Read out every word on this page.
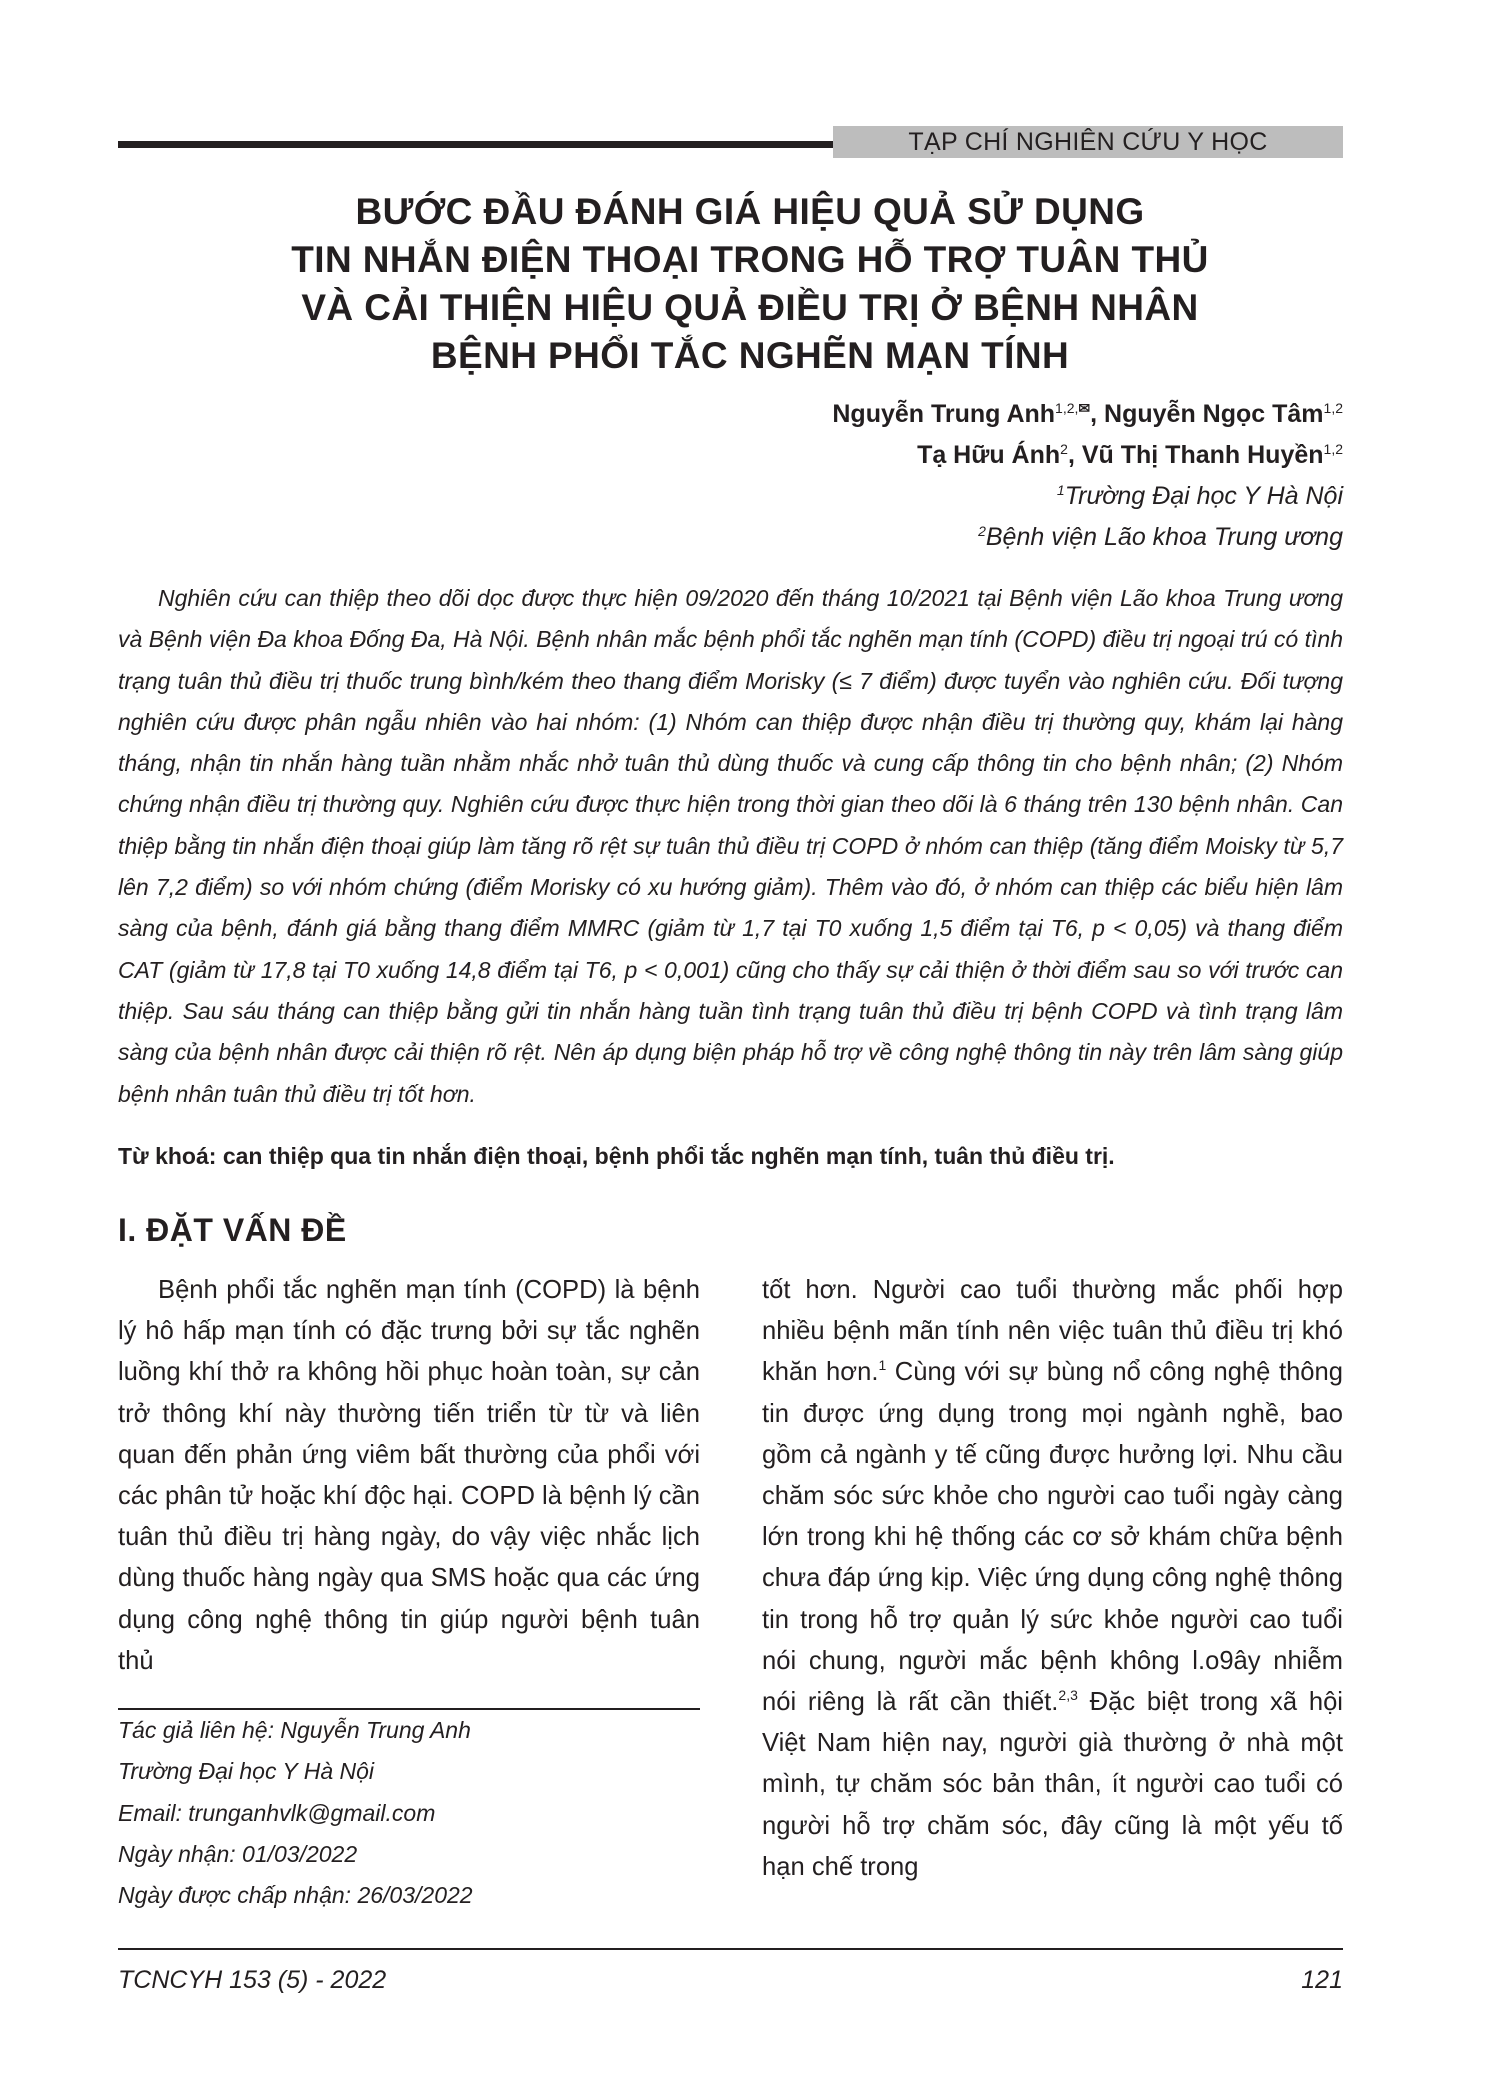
TẠP CHÍ NGHIÊN CỨU Y HỌC
BƯỚC ĐẦU ĐÁNH GIÁ HIỆU QUẢ SỬ DỤNG
TIN NHẮN ĐIỆN THOẠI TRONG HỖ TRỢ TUÂN THỦ
VÀ CẢI THIỆN HIỆU QUẢ ĐIỀU TRỊ Ở BỆNH NHÂN
BỆNH PHỔI TẮC NGHẼN MẠN TÍNH
Nguyễn Trung Anh$^{1,2,✉}$, Nguyễn Ngọc Tâm$^{1,2}$
Tạ Hữu Ánh$^2$, Vũ Thị Thanh Huyền$^{1,2}$
$^1$Trường Đại học Y Hà Nội
$^2$Bệnh viện Lão khoa Trung ương
Nghiên cứu can thiệp theo dõi dọc được thực hiện 09/2020 đến tháng 10/2021 tại Bệnh viện Lão khoa Trung ương và Bệnh viện Đa khoa Đống Đa, Hà Nội. Bệnh nhân mắc bệnh phổi tắc nghẽn mạn tính (COPD) điều trị ngoại trú có tình trạng tuân thủ điều trị thuốc trung bình/kém theo thang điểm Morisky (≤ 7 điểm) được tuyển vào nghiên cứu. Đối tượng nghiên cứu được phân ngẫu nhiên vào hai nhóm: (1) Nhóm can thiệp được nhận điều trị thường quy, khám lại hàng tháng, nhận tin nhắn hàng tuần nhằm nhắc nhở tuân thủ dùng thuốc và cung cấp thông tin cho bệnh nhân; (2) Nhóm chứng nhận điều trị thường quy. Nghiên cứu được thực hiện trong thời gian theo dõi là 6 tháng trên 130 bệnh nhân. Can thiệp bằng tin nhắn điện thoại giúp làm tăng rõ rệt sự tuân thủ điều trị COPD ở nhóm can thiệp (tăng điểm Moisky từ 5,7 lên 7,2 điểm) so với nhóm chứng (điểm Morisky có xu hướng giảm). Thêm vào đó, ở nhóm can thiệp các biểu hiện lâm sàng của bệnh, đánh giá bằng thang điểm MMRC (giảm từ 1,7 tại T0 xuống 1,5 điểm tại T6, p < 0,05) và thang điểm CAT (giảm từ 17,8 tại T0 xuống 14,8 điểm tại T6, p < 0,001) cũng cho thấy sự cải thiện ở thời điểm sau so với trước can thiệp. Sau sáu tháng can thiệp bằng gửi tin nhắn hàng tuần tình trạng tuân thủ điều trị bệnh COPD và tình trạng lâm sàng của bệnh nhân được cải thiện rõ rệt. Nên áp dụng biện pháp hỗ trợ về công nghệ thông tin này trên lâm sàng giúp bệnh nhân tuân thủ điều trị tốt hơn.
Từ khoá: can thiệp qua tin nhắn điện thoại, bệnh phổi tắc nghẽn mạn tính, tuân thủ điều trị.
I. ĐẶT VẤN ĐỀ
Bệnh phổi tắc nghẽn mạn tính (COPD) là bệnh lý hô hấp mạn tính có đặc trưng bởi sự tắc nghẽn luồng khí thở ra không hồi phục hoàn toàn, sự cản trở thông khí này thường tiến triển từ từ và liên quan đến phản ứng viêm bất thường của phổi với các phân tử hoặc khí độc hại. COPD là bệnh lý cần tuân thủ điều trị hàng ngày, do vậy việc nhắc lịch dùng thuốc hàng ngày qua SMS hoặc qua các ứng dụng công nghệ thông tin giúp người bệnh tuân thủ
tốt hơn. Người cao tuổi thường mắc phối hợp nhiều bệnh mãn tính nên việc tuân thủ điều trị khó khăn hơn.$^1$ Cùng với sự bùng nổ công nghệ thông tin được ứng dụng trong mọi ngành nghề, bao gồm cả ngành y tế cũng được hưởng lợi. Nhu cầu chăm sóc sức khỏe cho người cao tuổi ngày càng lớn trong khi hệ thống các cơ sở khám chữa bệnh chưa đáp ứng kịp. Việc ứng dụng công nghệ thông tin trong hỗ trợ quản lý sức khỏe người cao tuổi nói chung, người mắc bệnh không l.o9ây nhiễm nói riêng là rất cần thiết.$^{2,3}$ Đặc biệt trong xã hội Việt Nam hiện nay, người già thường ở nhà một mình, tự chăm sóc bản thân, ít người cao tuổi có người hỗ trợ chăm sóc, đây cũng là một yếu tố hạn chế trong
Tác giả liên hệ: Nguyễn Trung Anh
Trường Đại học Y Hà Nội
Email: trunganhvlk@gmail.com
Ngày nhận: 01/03/2022
Ngày được chấp nhận: 26/03/2022
TCNCYH 153 (5) - 2022	121
